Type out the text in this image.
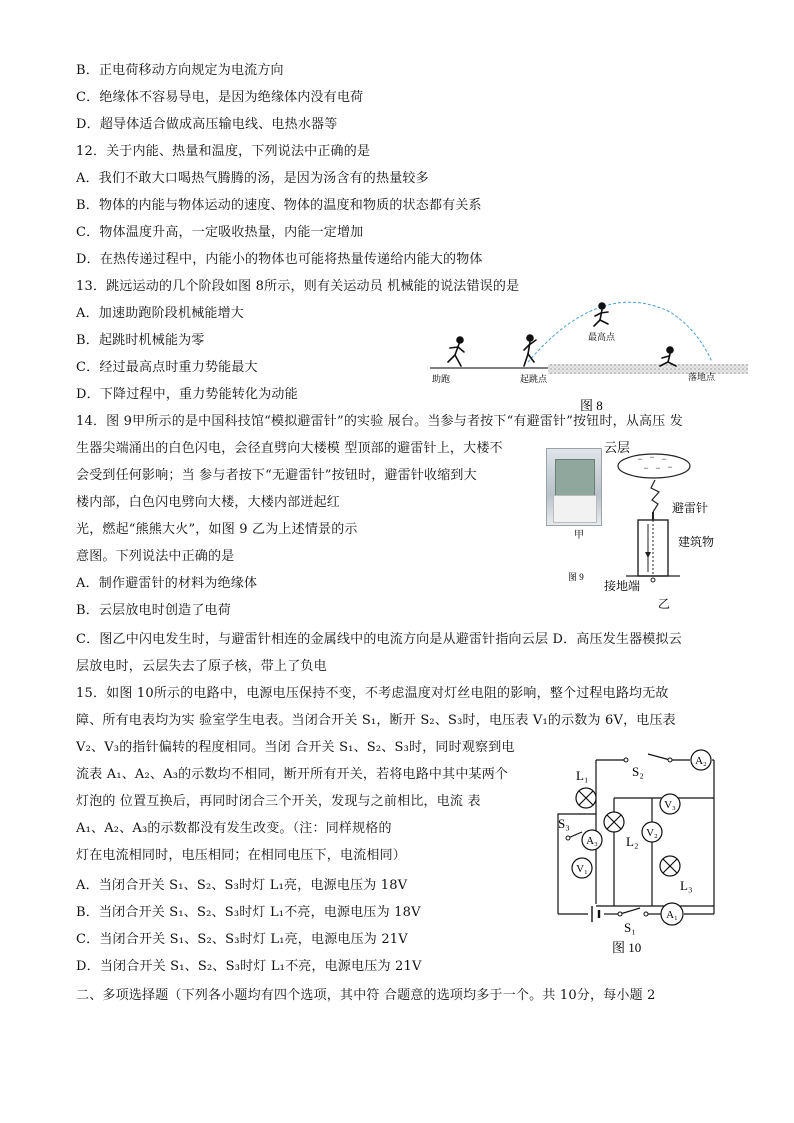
B．正电荷移动方向规定为电流方向
C．绝缘体不容易导电，是因为绝缘体内没有电荷
D．超导体适合做成高压输电线、电热水器等
12．关于内能、热量和温度，下列说法中正确的是
A．我们不敢大口喝热气腾腾的汤，是因为汤含有的热量较多
B．物体的内能与物体运动的速度、物体的温度和物质的状态都有关系
C．物体温度升高，一定吸收热量，内能一定增加
D．在热传递过程中，内能小的物体也可能将热量传递给内能大的物体
13．跳远运动的几个阶段如图 8所示，则有关运动员 机械能的说法错误的是
A．加速助跑阶段机械能增大
B．起跳时机械能为零
C．经过最高点时重力势能最大
D．下降过程中，重力势能转化为动能
14．图 9甲所示的是中国科技馆“模拟避雷针”的实验 展台。当参与者按下“有避雷针”按钮时，从高压 发
生器尖端涌出的白色闪电，会径直劈向大楼模 型顶部的避雷针上，大楼不
会受到任何影响；当 参与者按下“无避雷针”按钮时，避雷针收缩到大
楼内部，白色闪电劈向大楼，大楼内部迸起红
光，燃起“熊熊大火”，如图 9 乙为上述情景的示
意图。下列说法中正确的是
A．制作避雷针的材料为绝缘体
B．云层放电时创造了电荷
C．图乙中闪电发生时，与避雷针相连的金属线中的电流方向是从避雷针指向云层 D．高压发生器模拟云
层放电时，云层失去了原子核，带上了负电
15．如图 10所示的电路中，电源电压保持不变，不考虑温度对灯丝电阻的影响，整个过程电路均无故
障、所有电表均为实 验室学生电表。当闭合开关 S₁，断开 S₂、S₃时，电压表 V₁的示数为 6V，电压表
V₂、V₃的指针偏转的程度相同。当闭 合开关 S₁、S₂、S₃时，同时观察到电
流表 A₁、A₂、A₃的示数均不相同，断开所有开关，若将电路中其中某两个
灯泡的 位置互换后，再同时闭合三个开关，发现与之前相比，电流 表
A₁、A₂、A₃的示数都没有发生改变。（注：同样规格的
灯在电流相同时，电压相同；在相同电压下，电流相同）
A．当闭合开关 S₁、S₂、S₃时灯 L₁亮，电源电压为 18V
B．当闭合开关 S₁、S₂、S₃时灯 L₁不亮，电源电压为 18V
C．当闭合开关 S₁、S₂、S₃时灯 L₁亮，电源电压为 21V
D．当闭合开关 S₁、S₂、S₃时灯 L₁不亮，电源电压为 21V
二、多项选择题（下列各小题均有四个选项，其中符 合题意的选项均多于一个。共 10分，每小题 2
助跑	起跳点
最高点
落地点
图 8
云层
甲
− − −
− − −
避雷针
建筑物
接地端
图 9
乙
A₂
A₁
A₃
V₃
V₂
V₁
L₁
L₂
L₃
S₂
S₁
S₃
图 10
